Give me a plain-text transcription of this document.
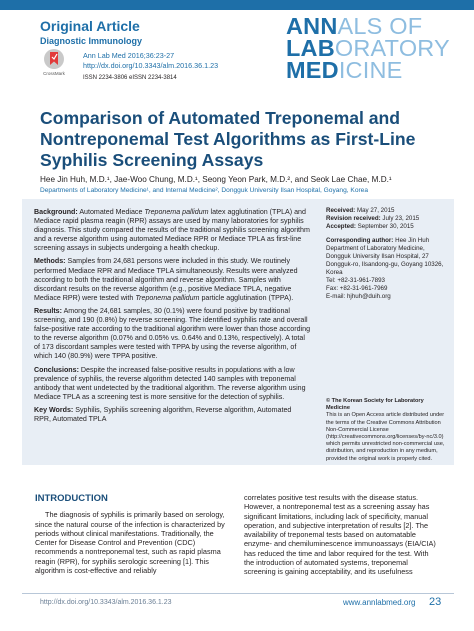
Original Article
Diagnostic Immunology
CrossMark
Ann Lab Med 2016;36:23-27
http://dx.doi.org/10.3343/alm.2016.36.1.23
ISSN 2234-3806 eISSN 2234-3814
ANNALS OF
LABORATORY
MEDICINE
Comparison of Automated Treponemal and Nontreponemal Test Algorithms as First-Line Syphilis Screening Assays
Hee Jin Huh, M.D.¹, Jae-Woo Chung, M.D.¹, Seong Yeon Park, M.D.², and Seok Lae Chae, M.D.¹
Departments of Laboratory Medicine¹, and Internal Medicine², Dongguk University Ilsan Hospital, Goyang, Korea

Background: Automated Mediace Treponema pallidum latex agglutination (TPLA) and Mediace rapid plasma reagin (RPR) assays are used by many laboratories for syphilis diagnosis. This study compared the results of the traditional syphilis screening algorithm and a reverse algorithm using automated Mediace RPR or Mediace TPLA as first-line screening assays in subjects undergoing a health checkup.

Methods: Samples from 24,681 persons were included in this study. We routinely performed Mediace RPR and Mediace TPLA simultaneously. Results were analyzed according to both the traditional algorithm and reverse algorithm. Samples with discordant results on the reverse algorithm (e.g., positive Mediace TPLA, negative Mediace RPR) were tested with Treponema pallidum particle agglutination (TPPA).

Results: Among the 24,681 samples, 30 (0.1%) were found positive by traditional screening, and 190 (0.8%) by reverse screening. The identified syphilis rate and overall false-positive rate according to the traditional algorithm were lower than those according to the reverse algorithm (0.07% and 0.05% vs. 0.64% and 0.13%, respectively). A total of 173 discordant samples were tested with TPPA by using the reverse algorithm, of which 140 (80.9%) were TPPA positive.

Conclusions: Despite the increased false-positive results in populations with a low prevalence of syphilis, the reverse algorithm detected 140 samples with treponemal antibody that went undetected by the traditional algorithm. The reverse algorithm using Mediace TPLA as a screening test is more sensitive for the detection of syphilis.

Key Words: Syphilis, Syphilis screening algorithm, Reverse algorithm, Automated RPR, Automated TPLA

Received: May 27, 2015
Revision received: July 23, 2015
Accepted: September 30, 2015
Corresponding author: Hee Jin Huh
Department of Laboratory Medicine, Dongguk University Ilsan Hospital, 27 Dongguk-ro, Ilsandong-gu, Goyang 10326, Korea
Tel: +82-31-961-7893
Fax: +82-31-961-7969
E-mail: hjhuh@duih.org
© The Korean Society for Laboratory Medicine
This is an Open Access article distributed under the terms of the Creative Commons Attribution Non-Commercial License (http://creativecommons.org/licenses/by-nc/3.0) which permits unrestricted non-commercial use, distribution, and reproduction in any medium, provided the original work is properly cited.
INTRODUCTION
The diagnosis of syphilis is primarily based on serology, since the natural course of the infection is characterized by periods without clinical manifestations. Traditionally, the Center for Disease Control and Prevention (CDC) recommends a nontreponemal test, such as rapid plasma reagin (RPR), for syphilis serologic screening [1]. This algorithm is cost-effective and reliably
correlates positive test results with the disease status. However, a nontreponemal test as a screening assay has significant limitations, including lack of specificity, manual operation, and subjective interpretation of results [2]. The availability of treponemal tests based on automatable enzyme- and chemiluminescence immunoassays (EIA/CIA) has reduced the time and labor required for the test. With the introduction of automated systems, treponemal screening is gaining acceptability, and its usefulness
http://dx.doi.org/10.3343/alm.2016.36.1.23	www.annlabmed.org 23
